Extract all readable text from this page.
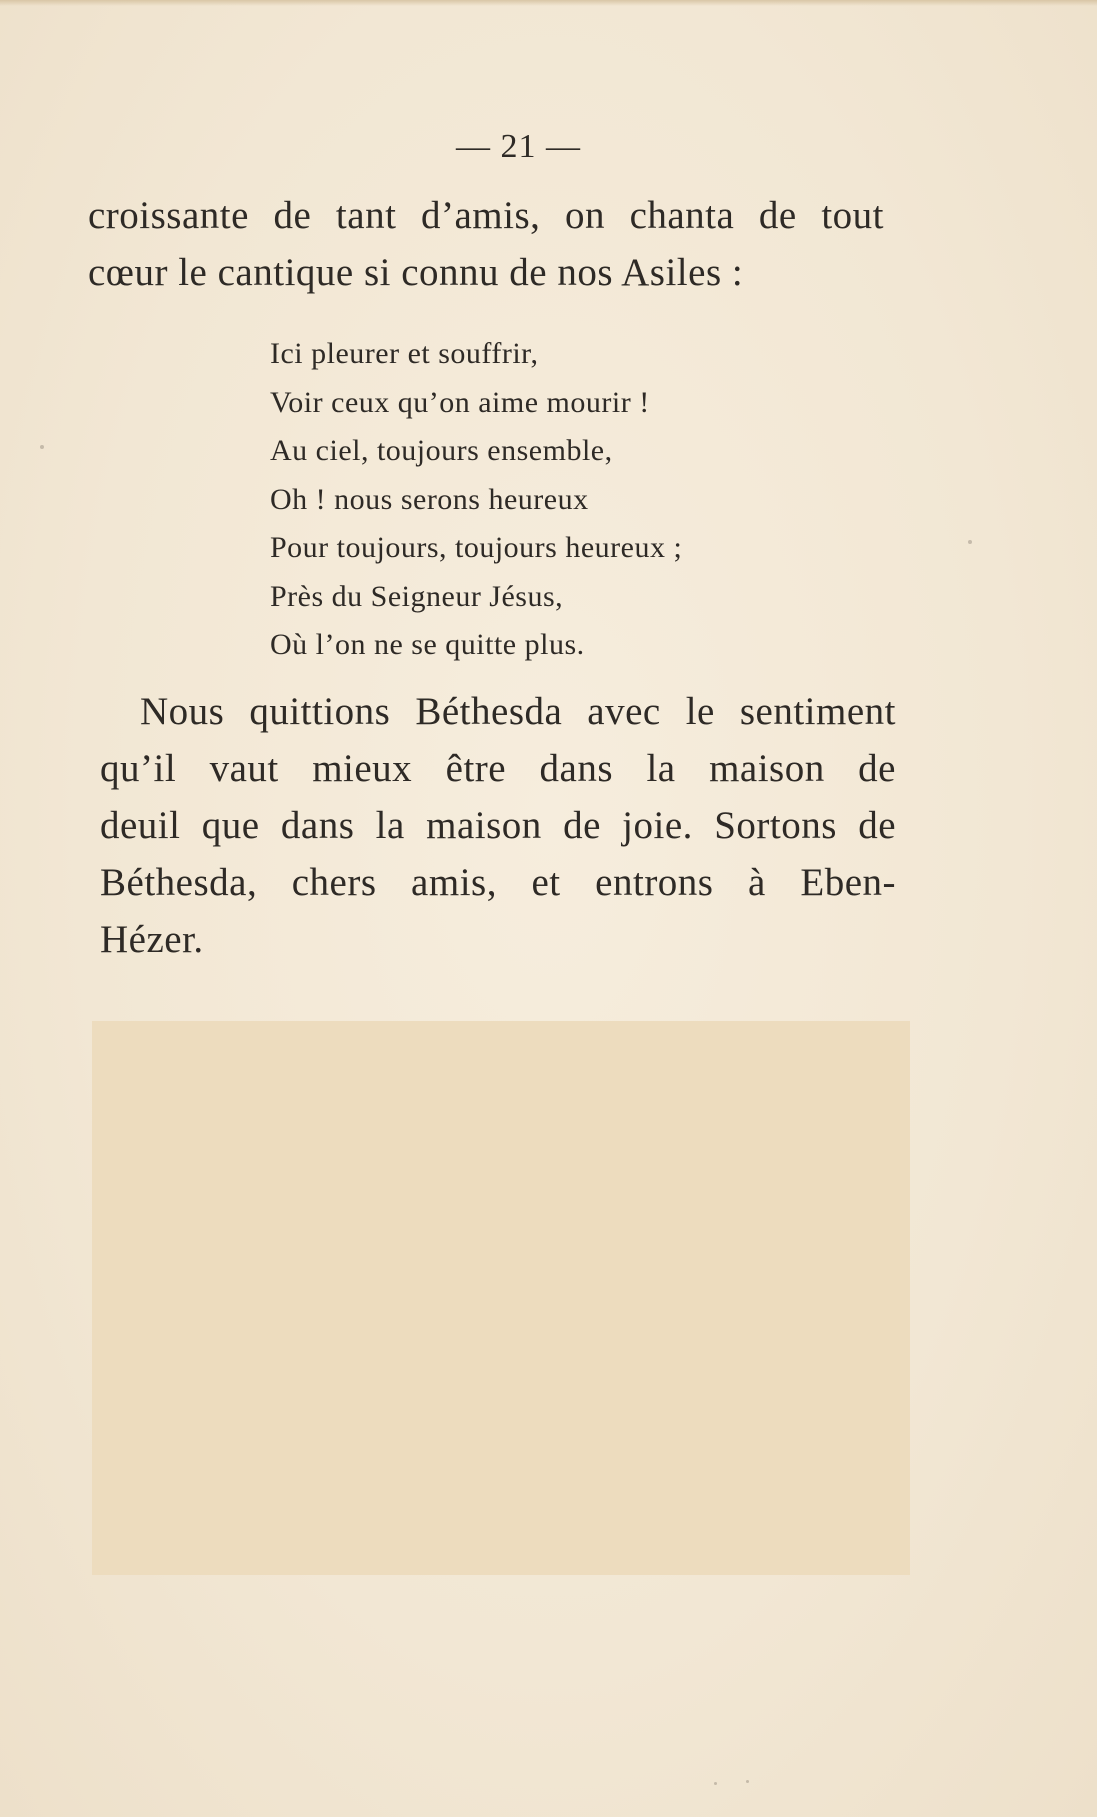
— 21 —
croissante de tant d’amis, on chanta de tout
cœur le cantique si connu de nos Asiles :
Ici pleurer et souffrir,
Voir ceux qu’on aime mourir !
Au ciel, toujours ensemble,
Oh ! nous serons heureux
Pour toujours, toujours heureux ;
Près du Seigneur Jésus,
Où l’on ne se quitte plus.
Nous quittions Béthesda avec le sentiment
qu’il vaut mieux être dans la maison de
deuil que dans la maison de joie. Sortons de
Béthesda, chers amis, et entrons à Eben-
Hézer.
